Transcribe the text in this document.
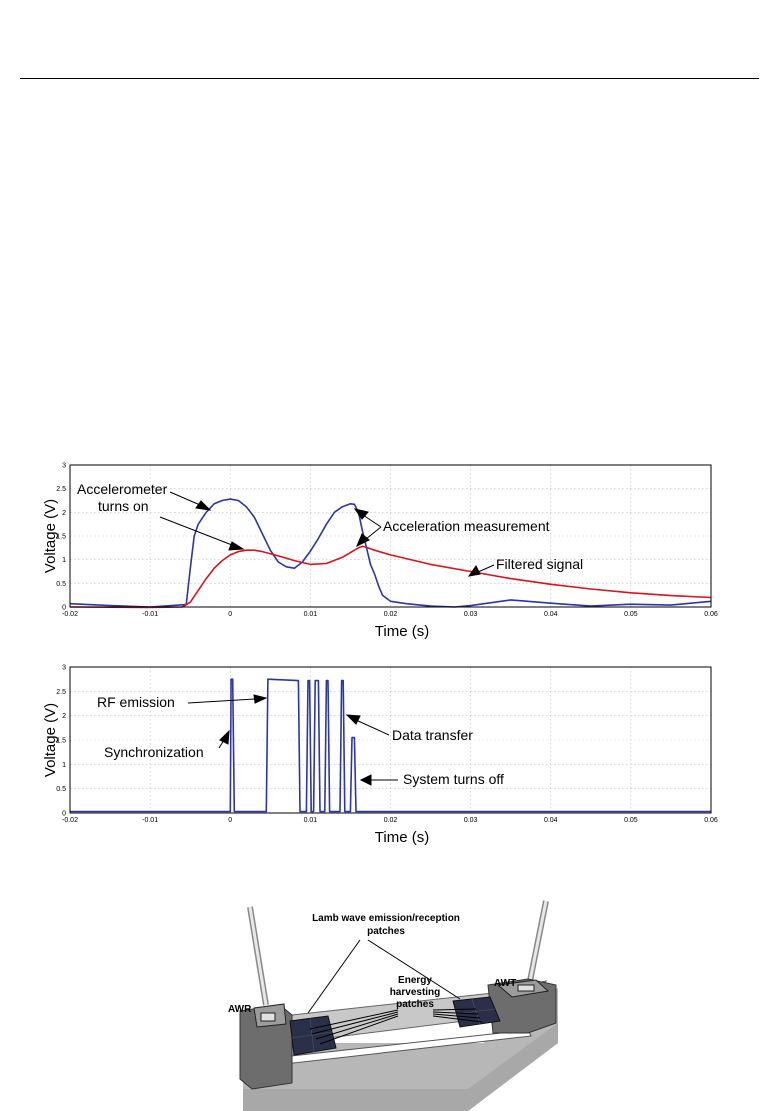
-0.02	-0.01	0	0.01	0.02	0.03	0.04	0.05	0.06
0
0.5
1
1.5
2
2.5
3
Voltage (V)
Time (s)
Accelerometer
turns on
Acceleration measurement
Filtered signal
-0.02	-0.01	0	0.01	0.02	0.03	0.04	0.05	0.06
0
0.5
1
1.5
2
2.5
3
Voltage (V)
Time (s)
RF emission
Synchronization
Data transfer
System turns off
Lamb wave emission/reception
patches
Energy
harvesting
patches
AWR
AWT
